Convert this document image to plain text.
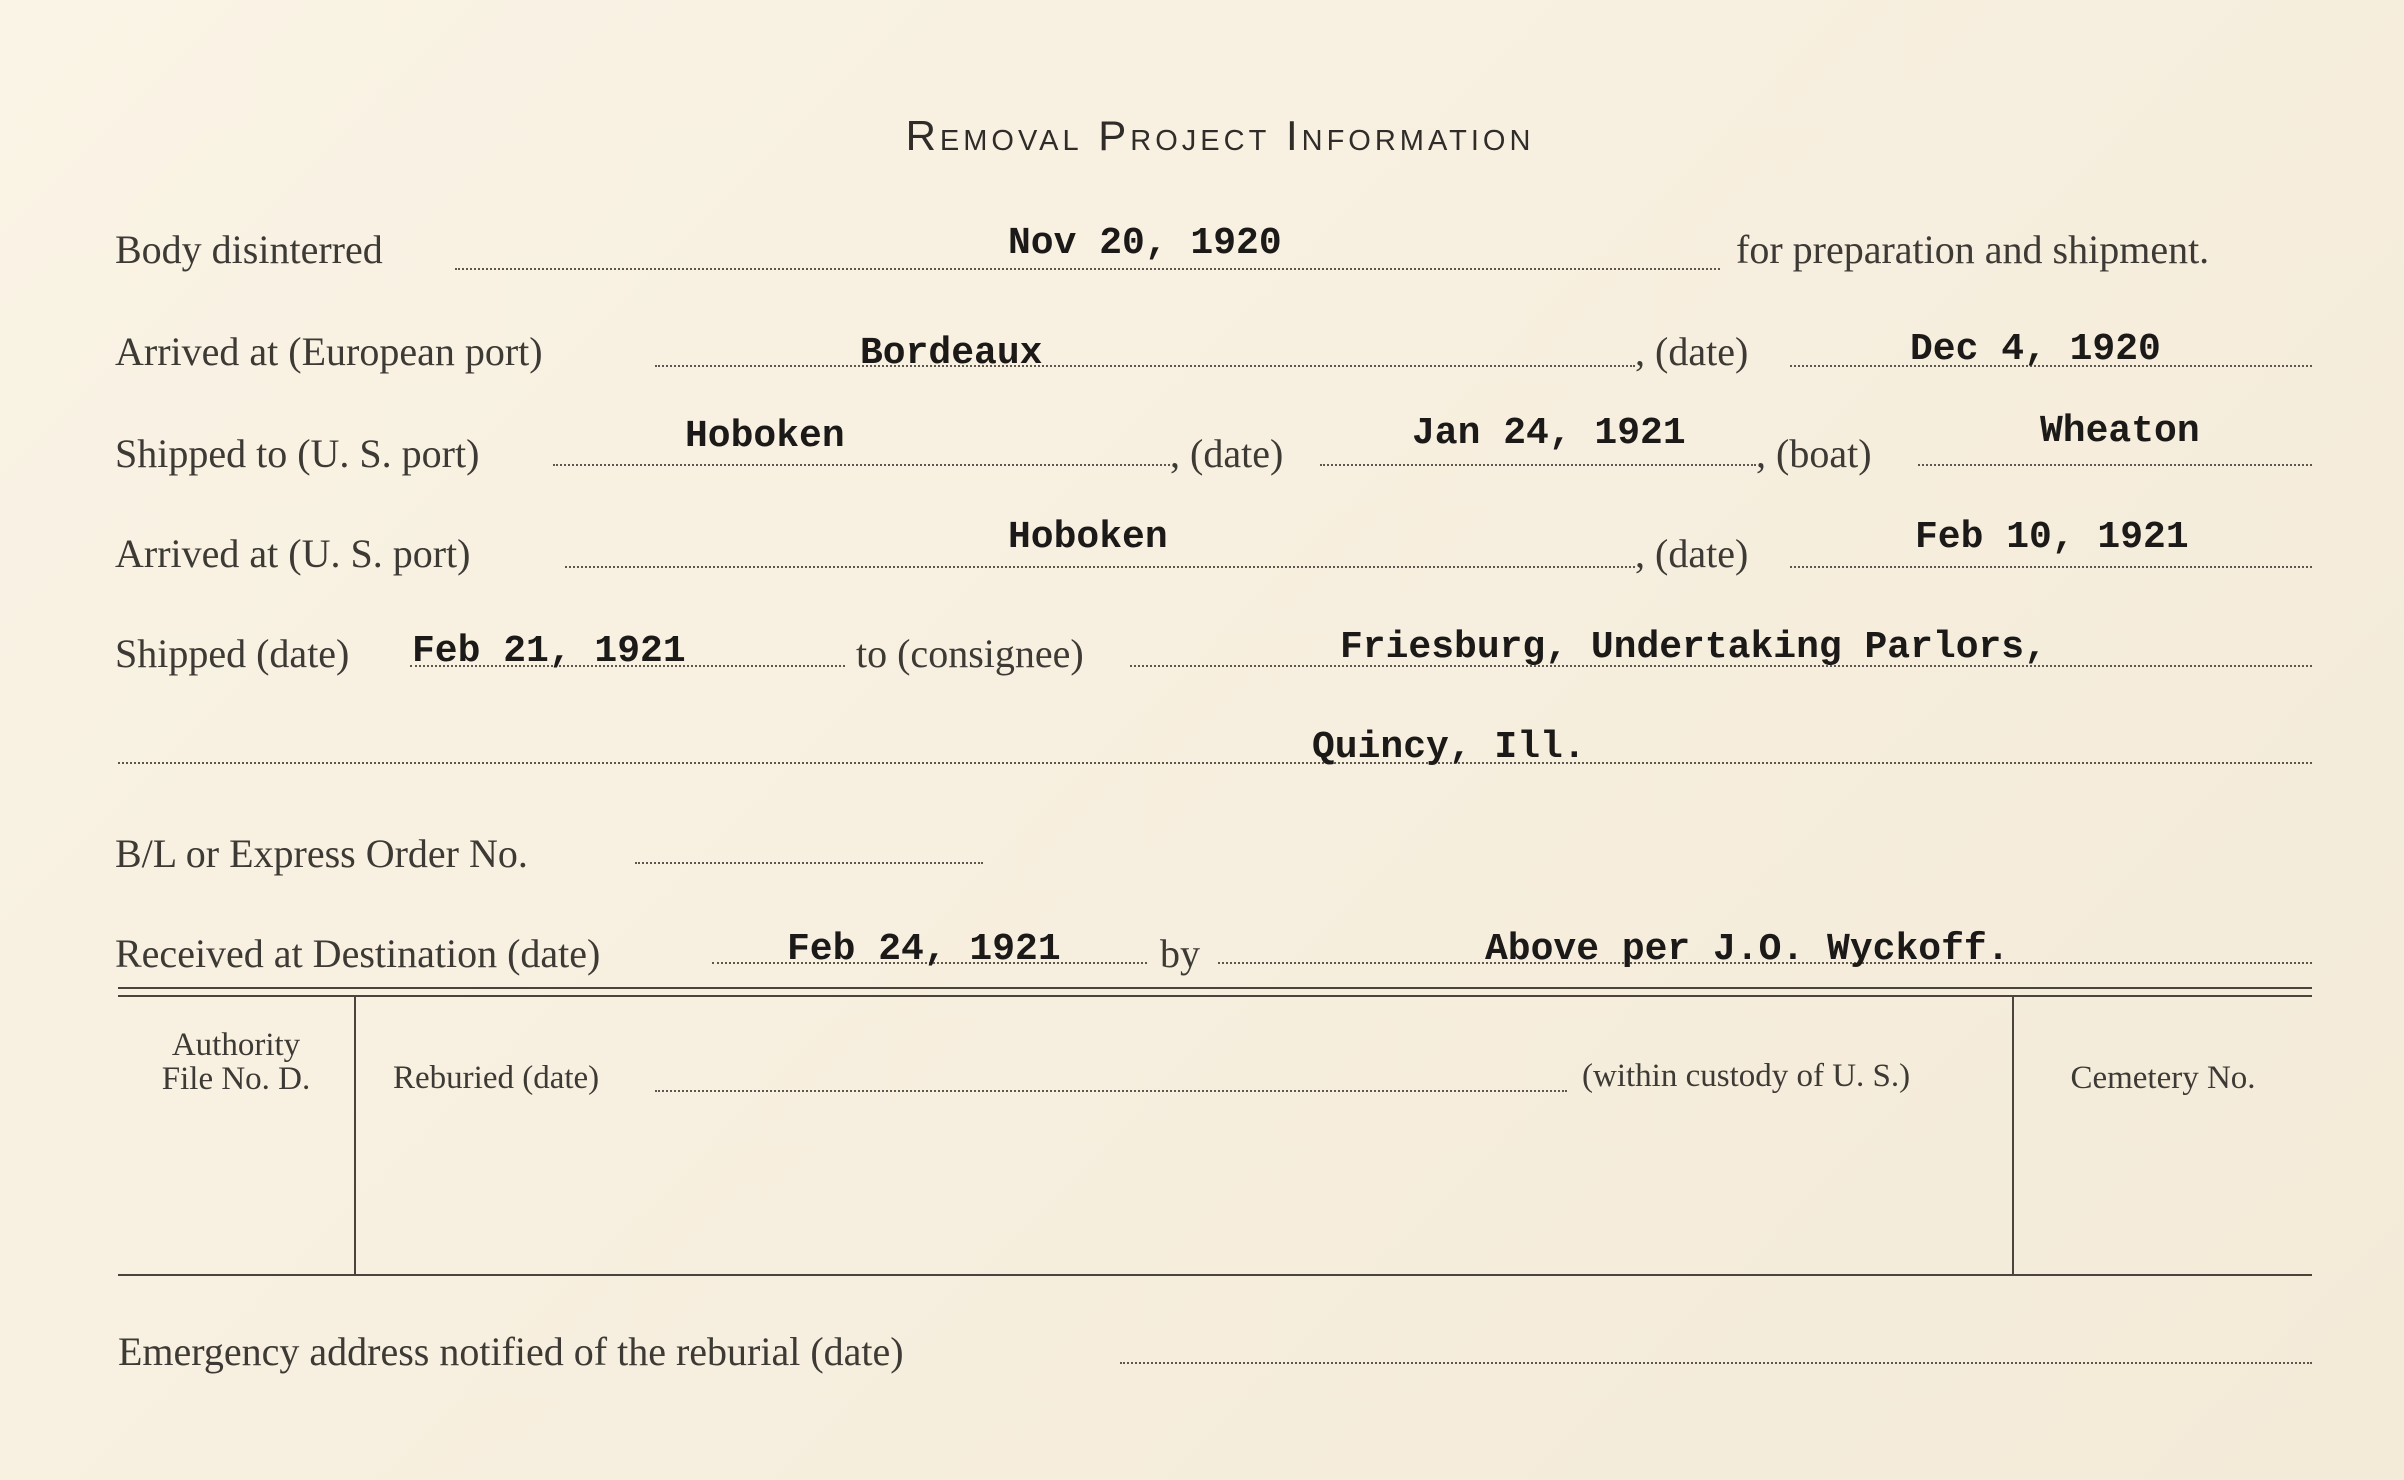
Removal Project Information
Body disinterred	Nov 20, 1920	for preparation and shipment.
Arrived at (European port)	Bordeaux	, (date)	Dec 4, 1920
Shipped to (U. S. port)	Hoboken	, (date)	Jan 24, 1921 , (boat)	Wheaton
Arrived at (U. S. port)	Hoboken	, (date)	Feb 10, 1921
Shipped (date) Feb 21, 1921	to (consignee)	Friesburg, Undertaking Parlors,
Quincy, Ill.
B/L or Express Order No.
Received at Destination (date)	Feb 24, 1921 by	Above per J.O. Wyckoff.
Authority
File No. D.	Reburied (date)	(within custody of U. S.)	Cemetery No.
Emergency address notified of the reburial (date)
